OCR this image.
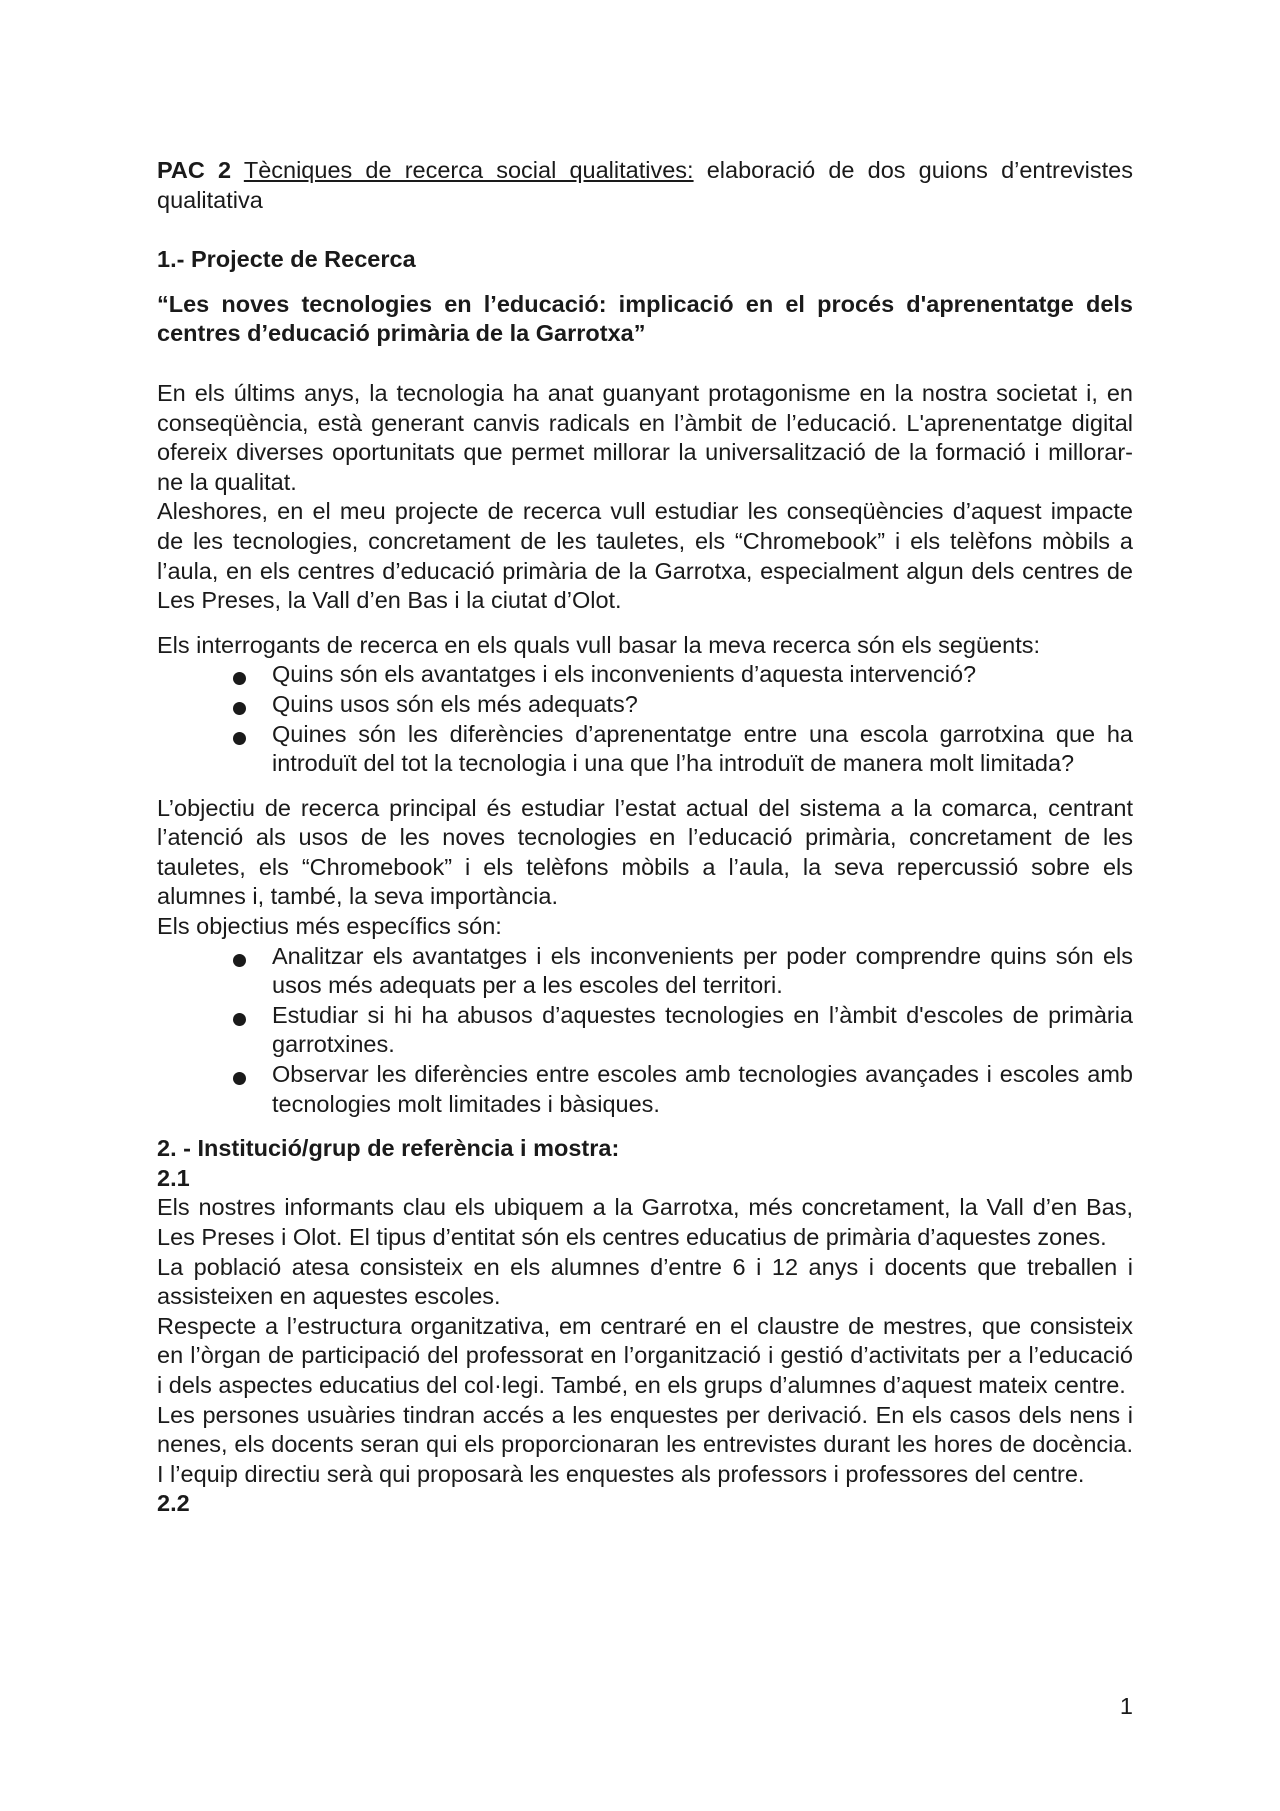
PAC 2 Tècniques de recerca social qualitatives: elaboració de dos guions d’entrevistes qualitativa

1.- Projecte de Recerca

“Les noves tecnologies en l’educació: implicació en el procés d'aprenentatge dels centres d’educació primària de la Garrotxa”

En els últims anys, la tecnologia ha anat guanyant protagonisme en la nostra societat i, en conseqüència, està generant canvis radicals en l’àmbit de l’educació. L'aprenentatge digital ofereix diverses oportunitats que permet millorar la universalització de la formació i millorar-ne la qualitat.

Aleshores, en el meu projecte de recerca vull estudiar les conseqüències d’aquest impacte de les tecnologies, concretament de les tauletes, els “Chromebook” i els telèfons mòbils a l’aula, en els centres d’educació primària de la Garrotxa, especialment algun dels centres de Les Preses, la Vall d’en Bas i la ciutat d’Olot.

Els interrogants de recerca en els quals vull basar la meva recerca són els següents:

Quins són els avantatges i els inconvenients d’aquesta intervenció?
Quins usos són els més adequats?
Quines són les diferències d’aprenentatge entre una escola garrotxina que ha introduït del tot la tecnologia i una que l’ha introduït de manera molt limitada?

L’objectiu de recerca principal és estudiar l’estat actual del sistema a la comarca, centrant l’atenció als usos de les noves tecnologies en l’educació primària, concretament de les tauletes, els “Chromebook” i els telèfons mòbils a l’aula, la seva repercussió sobre els alumnes i, també, la seva importància.

Els objectius més específics són:

Analitzar els avantatges i els inconvenients per poder comprendre quins són els usos més adequats per a les escoles del territori.
Estudiar si hi ha abusos d’aquestes tecnologies en l’àmbit d'escoles de primària garrotxines.
Observar les diferències entre escoles amb tecnologies avançades i escoles amb tecnologies molt limitades i bàsiques.

2. - Institució/grup de referència i mostra:

2.1

Els nostres informants clau els ubiquem a la Garrotxa, més concretament, la Vall d’en Bas, Les Preses i Olot. El tipus d’entitat són els centres educatius de primària d’aquestes zones.

La població atesa consisteix en els alumnes d’entre 6 i 12 anys i docents que treballen i assisteixen en aquestes escoles.

Respecte a l’estructura organitzativa, em centraré en el claustre de mestres, que consisteix en l’òrgan de participació del professorat en l’organització i gestió d’activitats per a l’educació i dels aspectes educatius del col·legi. També, en els grups d’alumnes d’aquest mateix centre.

Les persones usuàries tindran accés a les enquestes per derivació. En els casos dels nens i nenes, els docents seran qui els proporcionaran les entrevistes durant les hores de docència. I l’equip directiu serà qui proposarà les enquestes als professors i professores del centre.

2.2

1
